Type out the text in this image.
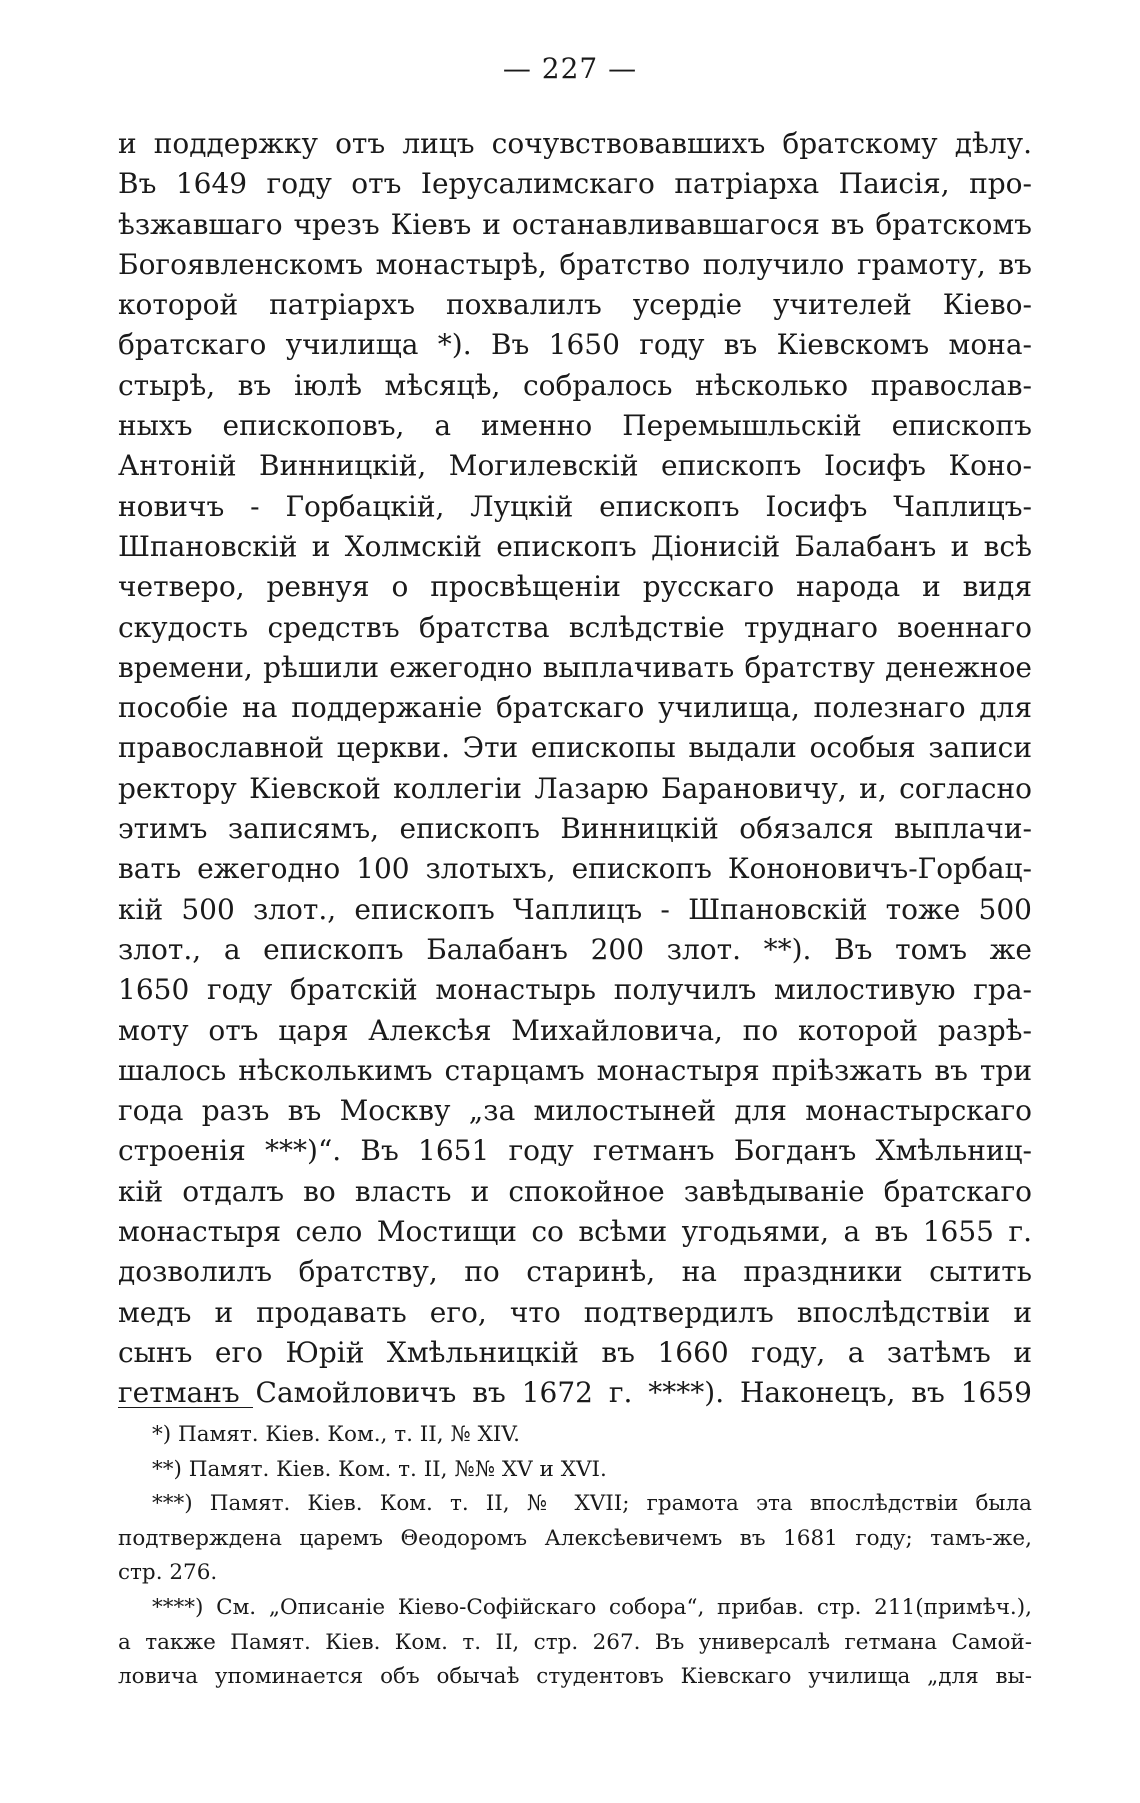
— 227 —
и поддержку отъ лицъ сочувствовавшихъ братскому дѣлу.
Въ 1649 году отъ Іерусалимскаго патріарха Паисія, про-
ѣзжавшаго чрезъ Кіевъ и останавливавшагося въ братскомъ
Богоявленскомъ монастырѣ, братство получило грамоту, въ
которой патріархъ похвалилъ усердіе учителей Кіево-
братскаго училища *). Въ 1650 году въ Кіевскомъ мона-
стырѣ, въ іюлѣ мѣсяцѣ, собралось нѣсколько православ-
ныхъ епископовъ, а именно Перемышльскій епископъ
Антоній Винницкій, Могилевскій епископъ Іосифъ Коно-
новичъ - Горбацкій, Луцкій епископъ Іосифъ Чаплицъ-
Шпановскій и Холмскій епископъ Діонисій Балабанъ и всѣ
четверо, ревнуя о просвѣщеніи русскаго народа и видя
скудость средствъ братства вслѣдствіе труднаго военнаго
времени, рѣшили ежегодно выплачивать братству денежное
пособіе на поддержаніе братскаго училища, полезнаго для
православной церкви. Эти епископы выдали особыя записи
ректору Кіевской коллегіи Лазарю Барановичу, и, согласно
этимъ записямъ, епископъ Винницкій обязался выплачи-
вать ежегодно 100 злотыхъ, епископъ Кононовичъ-Горбац-
кій 500 злот., епископъ Чаплицъ - Шпановскій тоже 500
злот., а епископъ Балабанъ 200 злот. **). Въ томъ же
1650 году братскій монастырь получилъ милостивую гра-
моту отъ царя Алексѣя Михайловича, по которой разрѣ-
шалось нѣсколькимъ старцамъ монастыря пріѣзжать въ три
года разъ въ Москву „за милостыней для монастырскаго
строенія ***)“. Въ 1651 году гетманъ Богданъ Хмѣльниц-
кій отдалъ во власть и спокойное завѣдываніе братскаго
монастыря село Мостищи со всѣми угодьями, а въ 1655 г.
дозволилъ братству, по старинѣ, на праздники сытить
медъ и продавать его, что подтвердилъ впослѣдствіи и
сынъ его Юрій Хмѣльницкій въ 1660 году, а затѣмъ и
гетманъ Самойловичъ въ 1672 г. ****). Наконецъ, въ 1659
*) Памят. Кіев. Ком., т. II, № XIV.
**) Памят. Кіев. Ком. т. II, №№ XV и XVI.
***) Памят. Кіев. Ком. т. II, № XVII; грамота эта впослѣдствіи была
подтверждена царемъ Θеодоромъ Алексѣевичемъ въ 1681 году; тамъ-же,
стр. 276.
****) См. „Описаніе Кіево-Софійскаго собора“, прибав. стр. 211(примѣч.),
а также Памят. Кіев. Ком. т. II, стр. 267. Въ универсалѣ гетмана Самой-
ловича упоминается объ обычаѣ студентовъ Кіевскаго училища „для вы-
